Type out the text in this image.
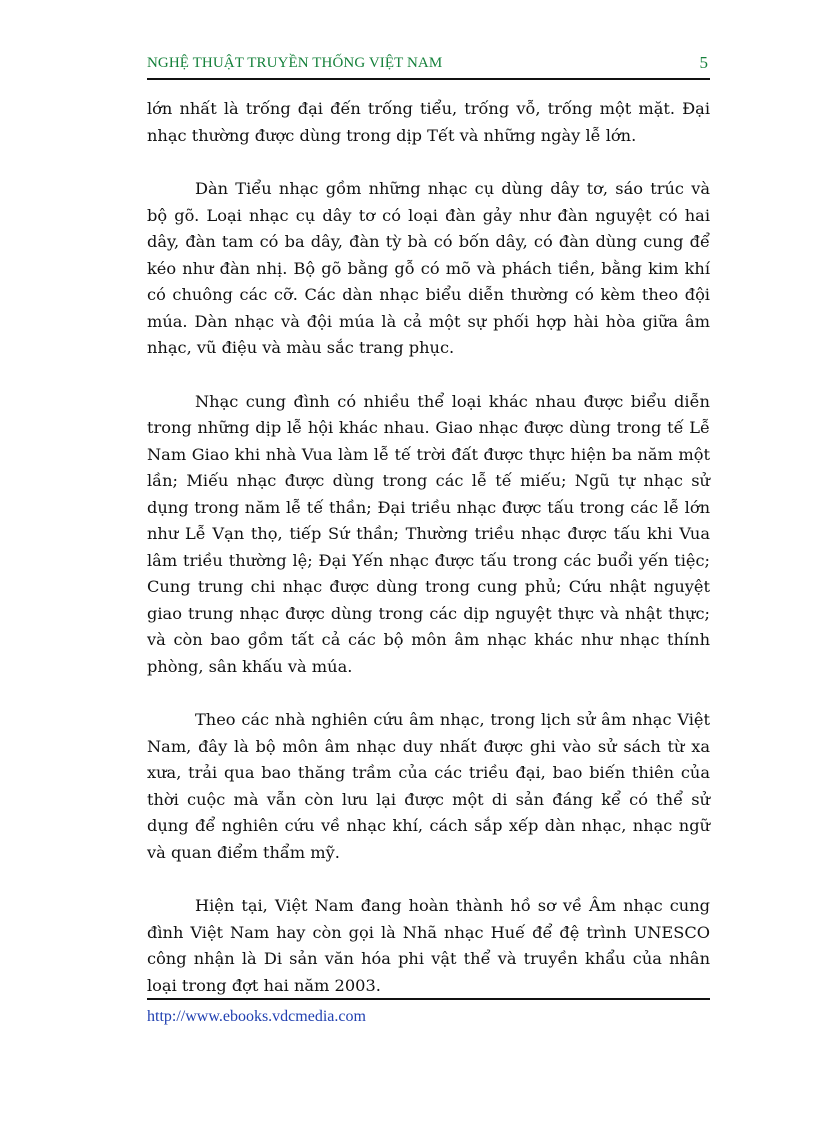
NGHỆ THUẬT TRUYỀN THỐNG VIỆT NAM	5

lớn nhất là trống đại đến trống tiểu, trống vỗ, trống một mặt. Đại nhạc thường được dùng trong dịp Tết và những ngày lễ lớn.

Dàn Tiểu nhạc gồm những nhạc cụ dùng dây tơ, sáo trúc và bộ gõ. Loại nhạc cụ dây tơ có loại đàn gảy như đàn nguyệt có hai dây, đàn tam có ba dây, đàn tỳ bà có bốn dây, có đàn dùng cung để kéo như đàn nhị. Bộ gõ bằng gỗ có mõ và phách tiền, bằng kim khí có chuông các cỡ. Các dàn nhạc biểu diễn thường có kèm theo đội múa. Dàn nhạc và đội múa là cả một sự phối hợp hài hòa giữa âm nhạc, vũ điệu và màu sắc trang phục.

Nhạc cung đình có nhiều thể loại khác nhau được biểu diễn trong những dịp lễ hội khác nhau. Giao nhạc được dùng trong tế Lễ Nam Giao khi nhà Vua làm lễ tế trời đất được thực hiện ba năm một lần; Miếu nhạc được dùng trong các lễ tế miếu; Ngũ tự nhạc sử dụng trong năm lễ tế thần; Đại triều nhạc được tấu trong các lễ lớn như Lễ Vạn thọ, tiếp Sứ thần; Thường triều nhạc được tấu khi Vua lâm triều thường lệ; Đại Yến nhạc được tấu trong các buổi yến tiệc; Cung trung chi nhạc được dùng trong cung phủ; Cứu nhật nguyệt giao trung nhạc được dùng trong các dịp nguyệt thực và nhật thực; và còn bao gồm tất cả các bộ môn âm nhạc khác như nhạc thính phòng, sân khấu và múa.

Theo các nhà nghiên cứu âm nhạc, trong lịch sử âm nhạc Việt Nam, đây là bộ môn âm nhạc duy nhất được ghi vào sử sách từ xa xưa, trải qua bao thăng trầm của các triều đại, bao biến thiên của thời cuộc mà vẫn còn lưu lại được một di sản đáng kể có thể sử dụng để nghiên cứu về nhạc khí, cách sắp xếp dàn nhạc, nhạc ngữ và quan điểm thẩm mỹ.

Hiện tại, Việt Nam đang hoàn thành hồ sơ về Âm nhạc cung đình Việt Nam hay còn gọi là Nhã nhạc Huế để đệ trình UNESCO công nhận là Di sản văn hóa phi vật thể và truyền khẩu của nhân loại trong đợt hai năm 2003.

http://www.ebooks.vdcmedia.com
